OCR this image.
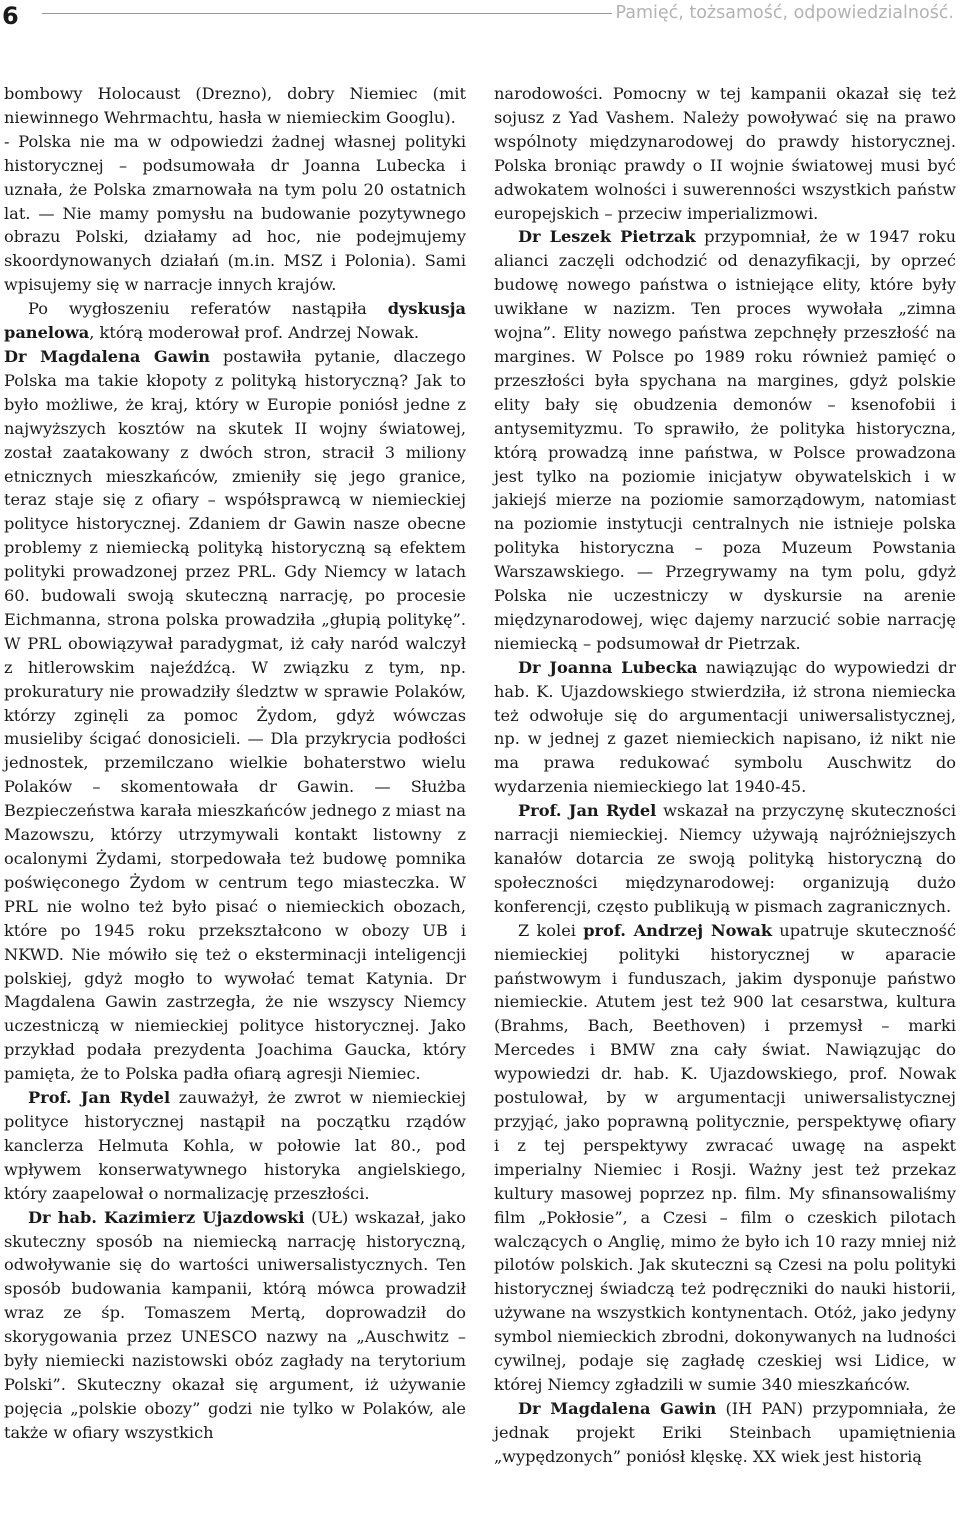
6	Pamięć, tożsamość, odpowiedzialność.

bombowy Holocaust (Drezno), dobry Niemiec (mit niewinnego Wehrmachtu, hasła w niemieckim Googlu).

- Polska nie ma w odpowiedzi żadnej własnej polityki historycznej – podsumowała dr Joanna Lubecka i uznała, że Polska zmarnowała na tym polu 20 ostatnich lat. — Nie mamy pomysłu na budowanie pozytywnego obrazu Polski, działamy ad hoc, nie podejmujemy skoordynowanych działań (m.in. MSZ i Polonia). Sami wpisujemy się w narracje innych krajów.

Po wygłoszeniu referatów nastąpiła dyskusja panelowa, którą moderował prof. Andrzej Nowak.

Dr Magdalena Gawin postawiła pytanie, dlaczego Polska ma takie kłopoty z polityką historyczną? Jak to było możliwe, że kraj, który w Europie poniósł jedne z najwyższych kosztów na skutek II wojny światowej, został zaatakowany z dwóch stron, stracił 3 miliony etnicznych mieszkańców, zmieniły się jego granice, teraz staje się z ofiary – współsprawcą w niemieckiej polityce historycznej. Zdaniem dr Gawin nasze obecne problemy z niemiecką polityką historyczną są efektem polityki prowadzonej przez PRL. Gdy Niemcy w latach 60. budowali swoją skuteczną narrację, po procesie Eichmanna, strona polska prowadziła „głupią politykę”. W PRL obowiązywał paradygmat, iż cały naród walczył z hitlerowskim najeźdźcą. W związku z tym, np. prokuratury nie prowadziły śledztw w sprawie Polaków, którzy zginęli za pomoc Żydom, gdyż wówczas musieliby ścigać donosicieli. — Dla przykrycia podłości jednostek, przemilczano wielkie bohaterstwo wielu Polaków – skomentowała dr Gawin. — Służba Bezpieczeństwa karała mieszkańców jednego z miast na Mazowszu, którzy utrzymywali kontakt listowny z ocalonymi Żydami, storpedowała też budowę pomnika poświęconego Żydom w centrum tego miasteczka. W PRL nie wolno też było pisać o niemieckich obozach, które po 1945 roku przekształcono w obozy UB i NKWD. Nie mówiło się też o eksterminacji inteligencji polskiej, gdyż mogło to wywołać temat Katynia. Dr Magdalena Gawin zastrzegła, że nie wszyscy Niemcy uczestniczą w niemieckiej polityce historycznej. Jako przykład podała prezydenta Joachima Gaucka, który pamięta, że to Polska padła ofiarą agresji Niemiec.

Prof. Jan Rydel zauważył, że zwrot w niemieckiej polityce historycznej nastąpił na początku rządów kanclerza Helmuta Kohla, w połowie lat 80., pod wpływem konserwatywnego historyka angielskiego, który zaapelował o normalizację przeszłości.

Dr hab. Kazimierz Ujazdowski (UŁ) wskazał, jako skuteczny sposób na niemiecką narrację historyczną, odwoływanie się do wartości uniwersalistycznych. Ten sposób budowania kampanii, którą mówca prowadził wraz ze śp. Tomaszem Mertą, doprowadził do skorygowania przez UNESCO nazwy na „Auschwitz – były niemiecki nazistowski obóz zagłady na terytorium Polski”. Skuteczny okazał się argument, iż używanie pojęcia „polskie obozy” godzi nie tylko w Polaków, ale także w ofiary wszystkich

narodowości. Pomocny w tej kampanii okazał się też sojusz z Yad Vashem. Należy powoływać się na prawo wspólnoty międzynarodowej do prawdy historycznej. Polska broniąc prawdy o II wojnie światowej musi być adwokatem wolności i suwerenności wszystkich państw europejskich – przeciw imperializmowi.

Dr Leszek Pietrzak przypomniał, że w 1947 roku alianci zaczęli odchodzić od denazyfikacji, by oprzeć budowę nowego państwa o istniejące elity, które były uwikłane w nazizm. Ten proces wywołała „zimna wojna”. Elity nowego państwa zepchnęły przeszłość na margines. W Polsce po 1989 roku również pamięć o przeszłości była spychana na margines, gdyż polskie elity bały się obudzenia demonów – ksenofobii i antysemityzmu. To sprawiło, że polityka historyczna, którą prowadzą inne państwa, w Polsce prowadzona jest tylko na poziomie inicjatyw obywatelskich i w jakiejś mierze na poziomie samorządowym, natomiast na poziomie instytucji centralnych nie istnieje polska polityka historyczna – poza Muzeum Powstania Warszawskiego. — Przegrywamy na tym polu, gdyż Polska nie uczestniczy w dyskursie na arenie międzynarodowej, więc dajemy narzucić sobie narrację niemiecką – podsumował dr Pietrzak.

Dr Joanna Lubecka nawiązując do wypowiedzi dr hab. K. Ujazdowskiego stwierdziła, iż strona niemiecka też odwołuje się do argumentacji uniwersalistycznej, np. w jednej z gazet niemieckich napisano, iż nikt nie ma prawa redukować symbolu Auschwitz do wydarzenia niemieckiego lat 1940-45.

Prof. Jan Rydel wskazał na przyczynę skuteczności narracji niemieckiej. Niemcy używają najróżniejszych kanałów dotarcia ze swoją polityką historyczną do społeczności międzynarodowej: organizują dużo konferencji, często publikują w pismach zagranicznych.

Z kolei prof. Andrzej Nowak upatruje skuteczność niemieckiej polityki historycznej w aparacie państwowym i funduszach, jakim dysponuje państwo niemieckie. Atutem jest też 900 lat cesarstwa, kultura (Brahms, Bach, Beethoven) i przemysł – marki Mercedes i BMW zna cały świat. Nawiązując do wypowiedzi dr. hab. K. Ujazdowskiego, prof. Nowak postulował, by w argumentacji uniwersalistycznej przyjąć, jako poprawną politycznie, perspektywę ofiary i z tej perspektywy zwracać uwagę na aspekt imperialny Niemiec i Rosji. Ważny jest też przekaz kultury masowej poprzez np. film. My sfinansowaliśmy film „Pokłosie”, a Czesi – film o czeskich pilotach walczących o Anglię, mimo że było ich 10 razy mniej niż pilotów polskich. Jak skuteczni są Czesi na polu polityki historycznej świadczą też podręczniki do nauki historii, używane na wszystkich kontynentach. Otóż, jako jedyny symbol niemieckich zbrodni, dokonywanych na ludności cywilnej, podaje się zagładę czeskiej wsi Lidice, w której Niemcy zgładzili w sumie 340 mieszkańców.

Dr Magdalena Gawin (IH PAN) przypomniała, że jednak projekt Eriki Steinbach upamiętnienia „wypędzonych” poniósł klęskę. XX wiek jest historią
